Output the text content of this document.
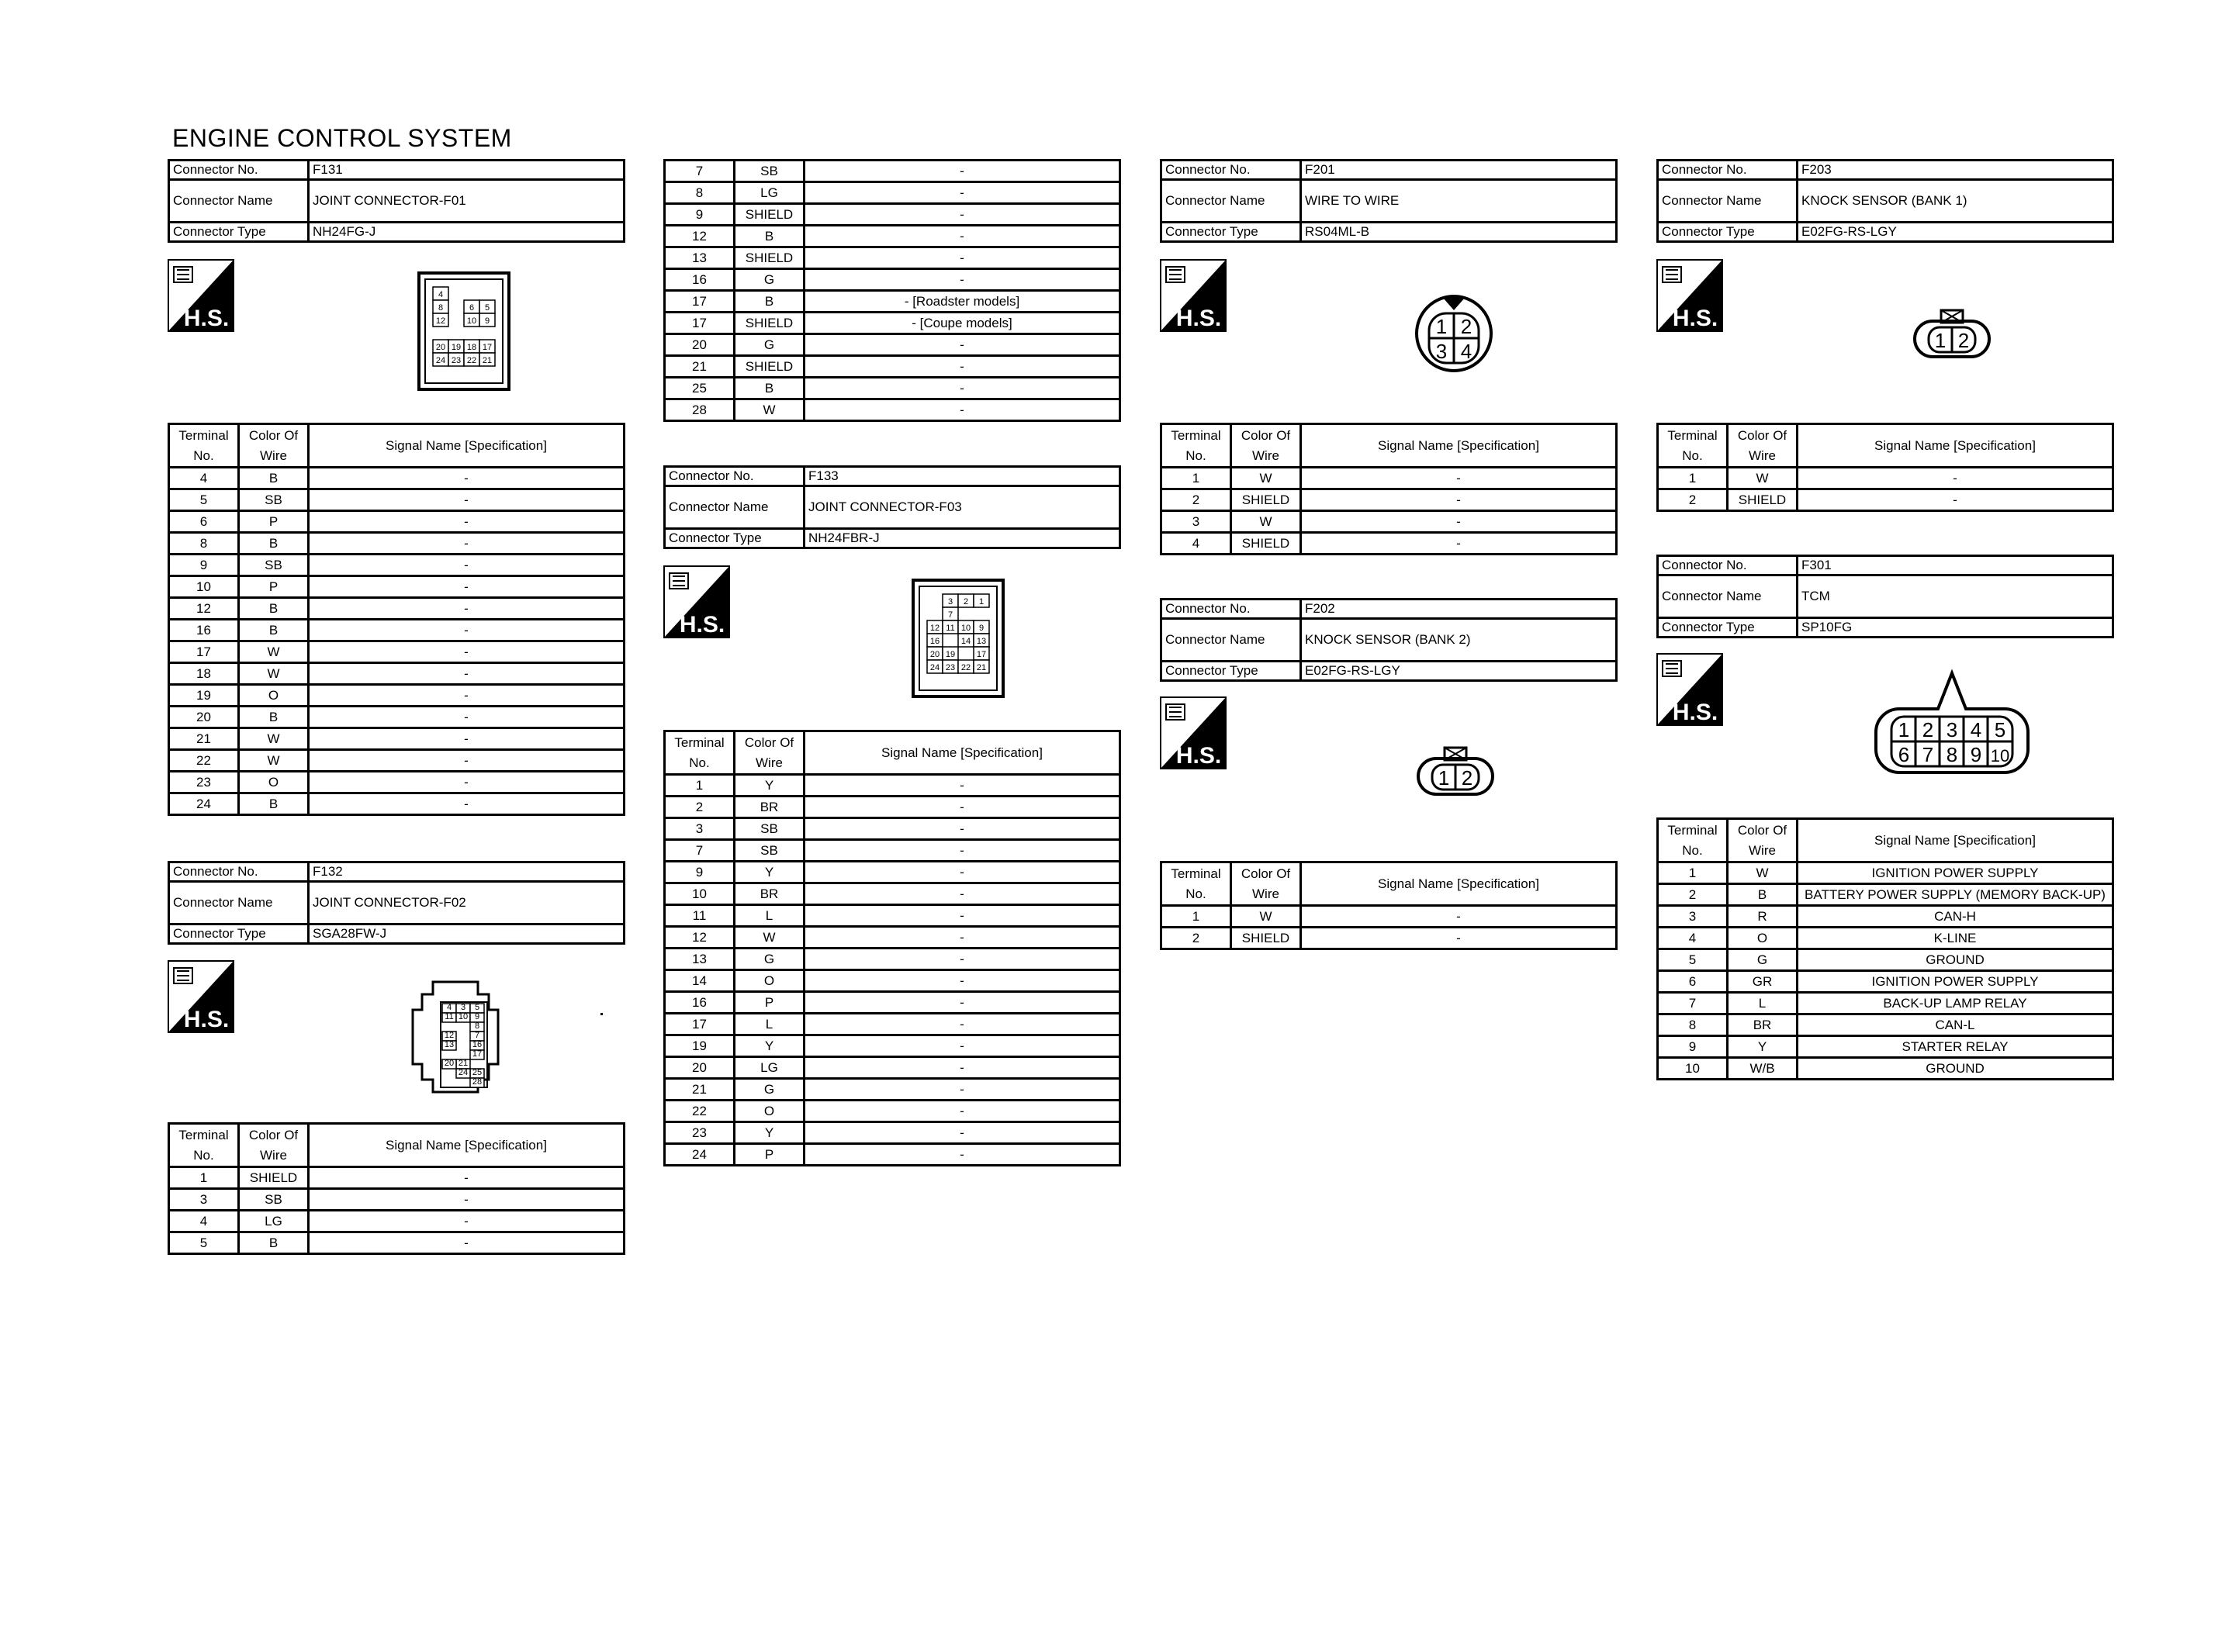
ENGINE CONTROL SYSTEM
Connector No.	F131
Connector Name	JOINT CONNECTOR-F01
Connector Type	NH24FG-J
H.S.
4
8	6 5
12	10 9
20 19 18 17
24 23 22 21
Terminal No.	Color Of Wire	Signal Name [Specification]
4	B	-
5	SB	-
6	P	-
8	B	-
9	SB	-
10	P	-
12	B	-
16	B	-
17	W	-
18	W	-
19	O	-
20	B	-
21	W	-
22	W	-
23	O	-
24	B	-
Connector No.	F132
Connector Name	JOINT CONNECTOR-F02
Connector Type	SGA28FW-J
H.S.	4 3 5
11 10 9
8
7
12
13 16
17
21
20
25
24
28
Terminal No.	Color Of Wire	Signal Name [Specification]
1	SHIELD	-
3	SB	-
4	LG	-
5	B	-
7	SB	-
8	LG	-
9	SHIELD	-
12	B	-
13	SHIELD	-
16	G	-
17	B	- [Roadster models]
17	SHIELD	- [Coupe models]
20	G	-
21	SHIELD	-
25	B	-
28	W	-
Connector No.	F133
Connector Name	JOINT CONNECTOR-F03
Connector Type	NH24FBR-J
H.S.
3 2 1
7
12 11 10 9
16	14 13
20 19	17
24 23 22 21
Terminal No.	Color Of Wire	Signal Name [Specification]
1	Y	-
2	BR	-
3	SB	-
7	SB	-
9	Y	-
10	BR	-
11	L	-
12	W	-
13	G	-
14	O	-
16	P	-
17	L	-
19	Y	-
20	LG	-
21	G	-
22	O	-
23	Y	-
24	P	-
Connector No.	F201
Connector Name	WIRE TO WIRE
Connector Type	RS04ML-B
H.S.	1 2
3 4
Terminal No.	Color Of Wire	Signal Name [Specification]
1	W	-
2	SHIELD	-
3	W	-
4	SHIELD	-
Connector No.	F202
Connector Name	KNOCK SENSOR (BANK 2)
Connector Type	E02FG-RS-LGY
H.S.
1 2
Terminal No.	Color Of Wire	Signal Name [Specification]
1	W	-
2	SHIELD	-
Connector No.	F203
Connector Name	KNOCK SENSOR (BANK 1)
Connector Type	E02FG-RS-LGY
H.S.
1 2
Terminal No.	Color Of Wire	Signal Name [Specification]
1	W	-
2	SHIELD	-
Connector No.	F301
Connector Name	TCM
Connector Type	SP10FG
H.S.
1 2 3 4 5
6 7 8 9 10
Terminal No.	Color Of Wire	Signal Name [Specification]
1	W	IGNITION POWER SUPPLY
2	B	BATTERY POWER SUPPLY (MEMORY BACK-UP)
3	R	CAN-H
4	O	K-LINE
5	G	GROUND
6	GR	IGNITION POWER SUPPLY
7	L	BACK-UP LAMP RELAY
8	BR	CAN-L
9	Y	STARTER RELAY
10	W/B	GROUND
